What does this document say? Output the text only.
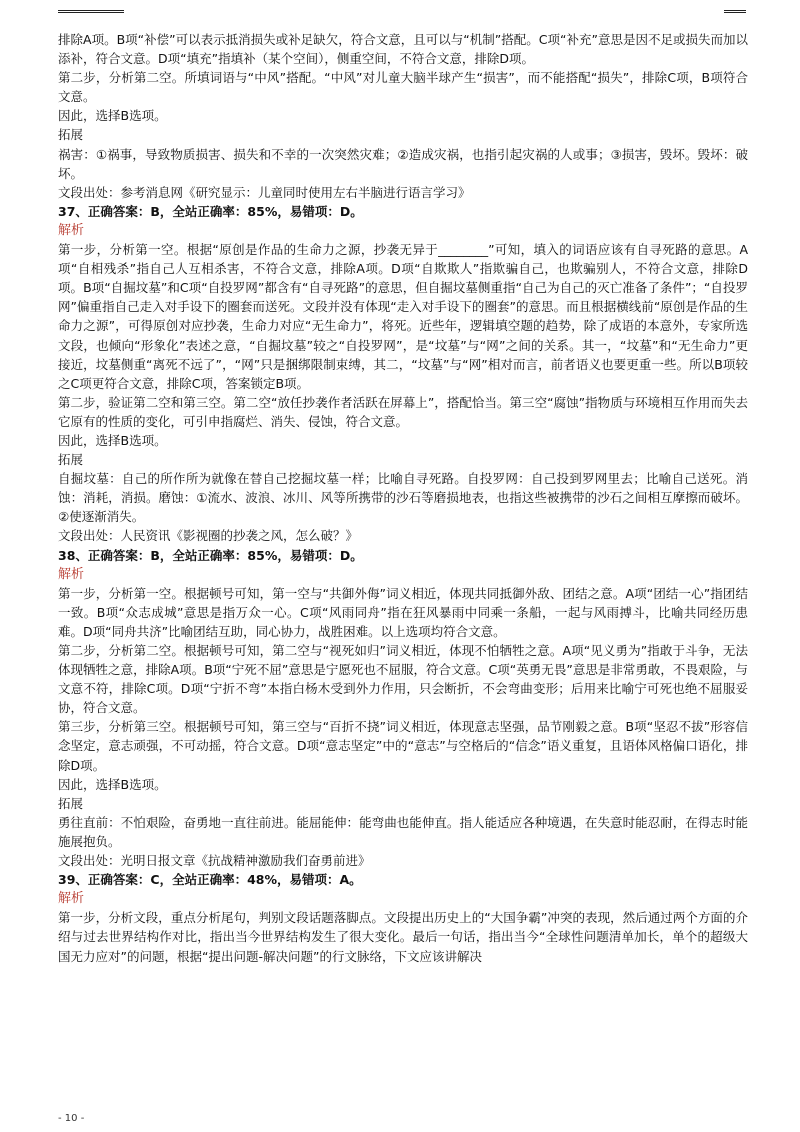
排除A项。B项“补偿”可以表示抵消损失或补足缺欠，符合文意，且可以与“机制”搭配。C项“补充”意思是因不足或损失而加以添补，符合文意。D项“填充”指填补（某个空间），侧重空间，不符合文意，排除D项。

第二步，分析第二空。所填词语与“中风”搭配。“中风”对儿童大脑半球产生“损害”，而不能搭配“损失”，排除C项，B项符合文意。

因此，选择B选项。

拓展

祸害：①祸事，导致物质损害、损失和不幸的一次突然灾难；②造成灾祸，也指引起灾祸的人或事；③损害，毁坏。毁坏：破坏。

文段出处：参考消息网《研究显示：儿童同时使用左右半脑进行语言学习》

37、正确答案：B，全站正确率：85%，易错项：D。

解析

第一步，分析第一空。根据“原创是作品的生命力之源，抄袭无异于________”可知，填入的词语应该有自寻死路的意思。A项“自相残杀”指自己人互相杀害，不符合文意，排除A项。D项“自欺欺人”指欺骗自己，也欺骗别人，不符合文意，排除D项。B项“自掘坟墓”和C项“自投罗网”都含有“自寻死路”的意思，但自掘坟墓侧重指“自己为自己的灭亡准备了条件”；“自投罗网”偏重指自己走入对手设下的圈套而送死。文段并没有体现“走入对手设下的圈套”的意思。而且根据横线前“原创是作品的生命力之源”，可得原创对应抄袭，生命力对应“无生命力”，将死。近些年，逻辑填空题的趋势，除了成语的本意外，专家所选文段，也倾向“形象化”表述之意，“自掘坟墓”较之“自投罗网”，是“坟墓”与“网”之间的关系。其一，“坟墓”和“无生命力”更接近，坟墓侧重“离死不远了”，“网”只是捆绑限制束缚，其二，“坟墓”与“网”相对而言，前者语义也要更重一些。所以B项较之C项更符合文意，排除C项，答案锁定B项。

第二步，验证第二空和第三空。第二空“放任抄袭作者活跃在屏幕上”，搭配恰当。第三空“腐蚀”指物质与环境相互作用而失去它原有的性质的变化，可引申指腐烂、消失、侵蚀，符合文意。

因此，选择B选项。

拓展

自掘坟墓：自己的所作所为就像在替自己挖掘坟墓一样；比喻自寻死路。自投罗网：自己投到罗网里去；比喻自己送死。消蚀：消耗，消损。磨蚀：①流水、波浪、冰川、风等所携带的沙石等磨损地表，也指这些被携带的沙石之间相互摩擦而破坏。②使逐渐消失。

文段出处：人民资讯《影视圈的抄袭之风，怎么破？》

38、正确答案：B，全站正确率：85%，易错项：D。

解析

第一步，分析第一空。根据顿号可知，第一空与“共御外侮”词义相近，体现共同抵御外敌、团结之意。A项“团结一心”指团结一致。B项“众志成城”意思是指万众一心。C项“风雨同舟”指在狂风暴雨中同乘一条船，一起与风雨搏斗，比喻共同经历患难。D项“同舟共济”比喻团结互助，同心协力，战胜困难。以上选项均符合文意。

第二步，分析第二空。根据顿号可知，第二空与“视死如归”词义相近，体现不怕牺牲之意。A项“见义勇为”指敢于斗争，无法体现牺牲之意，排除A项。B项“宁死不屈”意思是宁愿死也不屈服，符合文意。C项“英勇无畏”意思是非常勇敢，不畏艰险，与文意不符，排除C项。D项“宁折不弯”本指白杨木受到外力作用，只会断折，不会弯曲变形；后用来比喻宁可死也绝不屈服妥协，符合文意。

第三步，分析第三空。根据顿号可知，第三空与“百折不挠”词义相近，体现意志坚强，品节刚毅之意。B项“坚忍不拔”形容信念坚定，意志顽强，不可动摇，符合文意。D项“意志坚定”中的“意志”与空格后的“信念”语义重复，且语体风格偏口语化，排除D项。

因此，选择B选项。

拓展

勇往直前：不怕艰险，奋勇地一直往前进。能屈能伸：能弯曲也能伸直。指人能适应各种境遇，在失意时能忍耐，在得志时能施展抱负。

文段出处：光明日报文章《抗战精神激励我们奋勇前进》

39、正确答案：C，全站正确率：48%，易错项：A。

解析

第一步，分析文段，重点分析尾句，判别文段话题落脚点。文段提出历史上的“大国争霸”冲突的表现，然后通过两个方面的介绍与过去世界结构作对比，指出当今世界结构发生了很大变化。最后一句话，指出当今“全球性问题清单加长，单个的超级大国无力应对”的问题，根据“提出问题-解决问题”的行文脉络，下文应该讲解决

- 10 -
